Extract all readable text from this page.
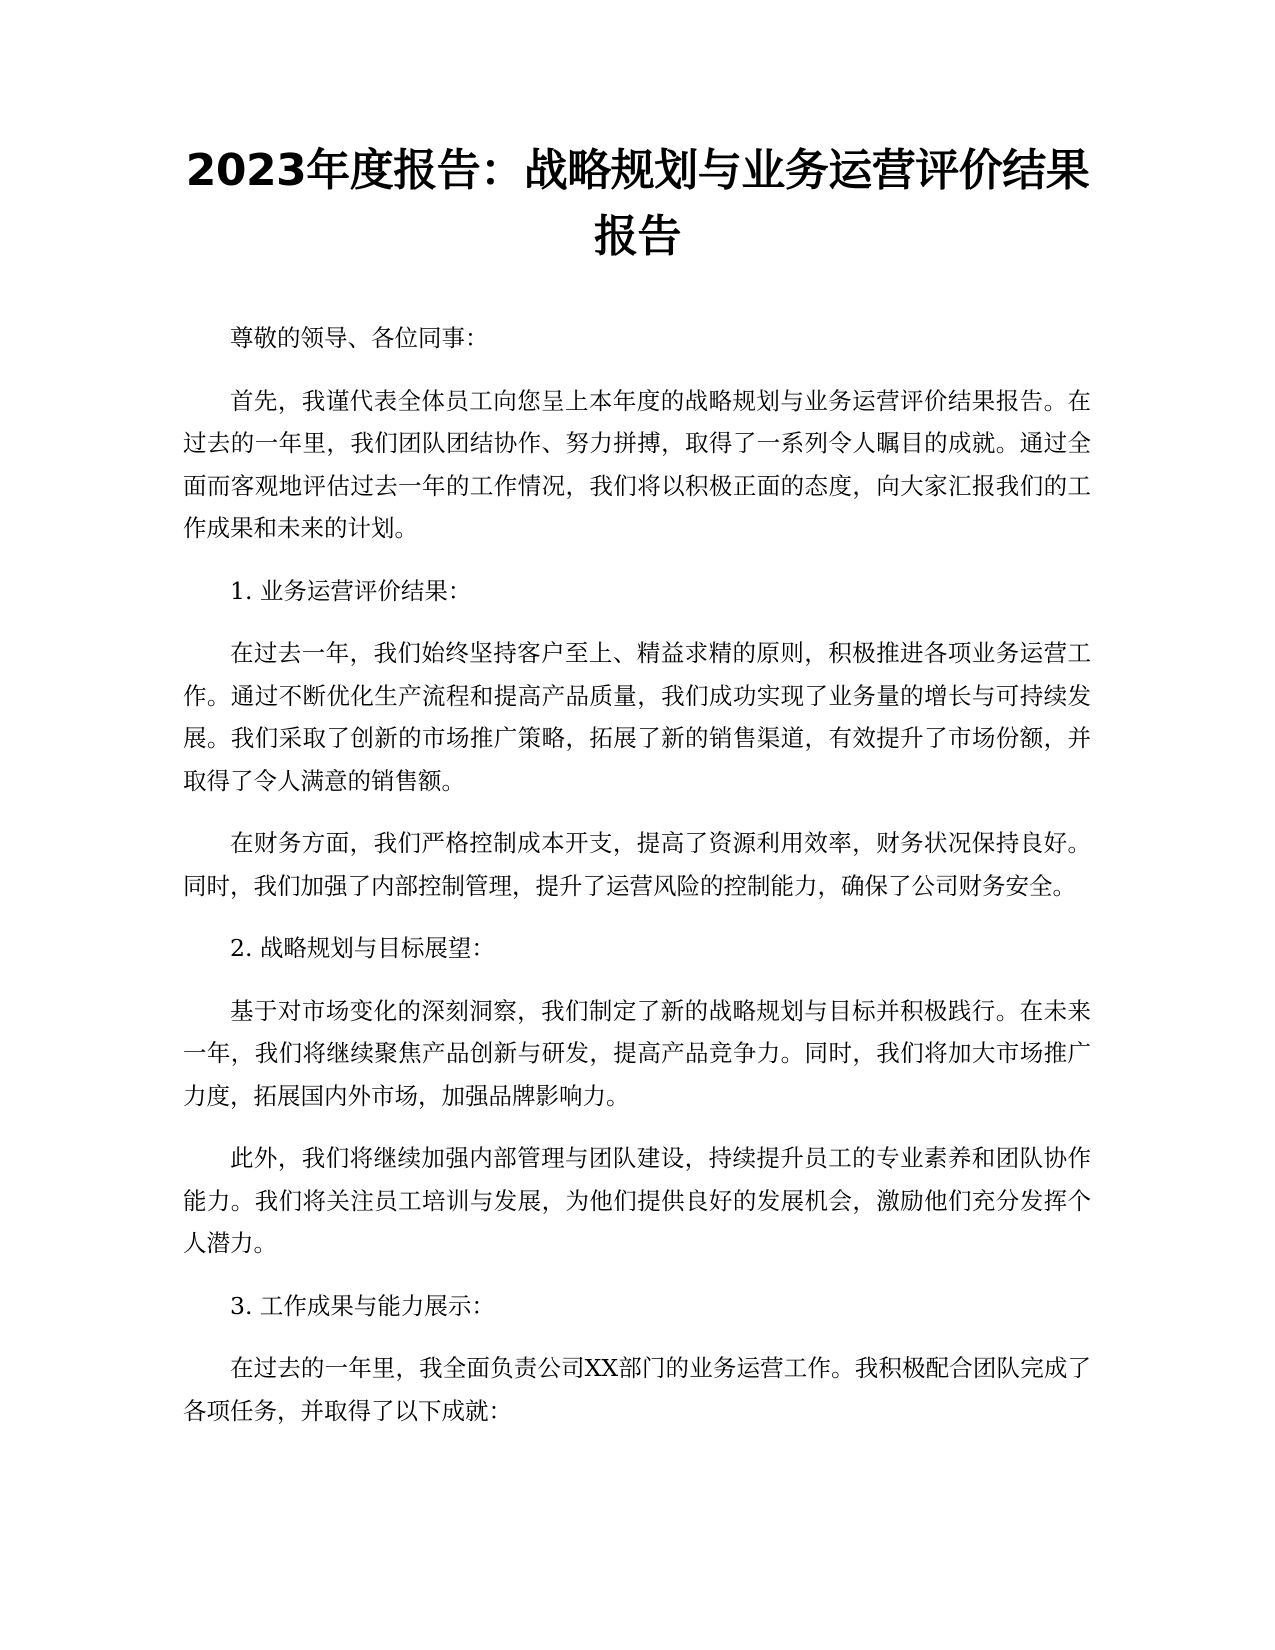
2023年度报告：战略规划与业务运营评价结果报告

尊敬的领导、各位同事：

首先，我谨代表全体员工向您呈上本年度的战略规划与业务运营评价结果报告。在过去的一年里，我们团队团结协作、努力拼搏，取得了一系列令人瞩目的成就。通过全面而客观地评估过去一年的工作情况，我们将以积极正面的态度，向大家汇报我们的工作成果和未来的计划。

1. 业务运营评价结果：

在过去一年，我们始终坚持客户至上、精益求精的原则，积极推进各项业务运营工作。通过不断优化生产流程和提高产品质量，我们成功实现了业务量的增长与可持续发展。我们采取了创新的市场推广策略，拓展了新的销售渠道，有效提升了市场份额，并取得了令人满意的销售额。

在财务方面，我们严格控制成本开支，提高了资源利用效率，财务状况保持良好。同时，我们加强了内部控制管理，提升了运营风险的控制能力，确保了公司财务安全。

2. 战略规划与目标展望：

基于对市场变化的深刻洞察，我们制定了新的战略规划与目标并积极践行。在未来一年，我们将继续聚焦产品创新与研发，提高产品竞争力。同时，我们将加大市场推广力度，拓展国内外市场，加强品牌影响力。

此外，我们将继续加强内部管理与团队建设，持续提升员工的专业素养和团队协作能力。我们将关注员工培训与发展，为他们提供良好的发展机会，激励他们充分发挥个人潜力。

3. 工作成果与能力展示：

在过去的一年里，我全面负责公司XX部门的业务运营工作。我积极配合团队完成了各项任务，并取得了以下成就：
